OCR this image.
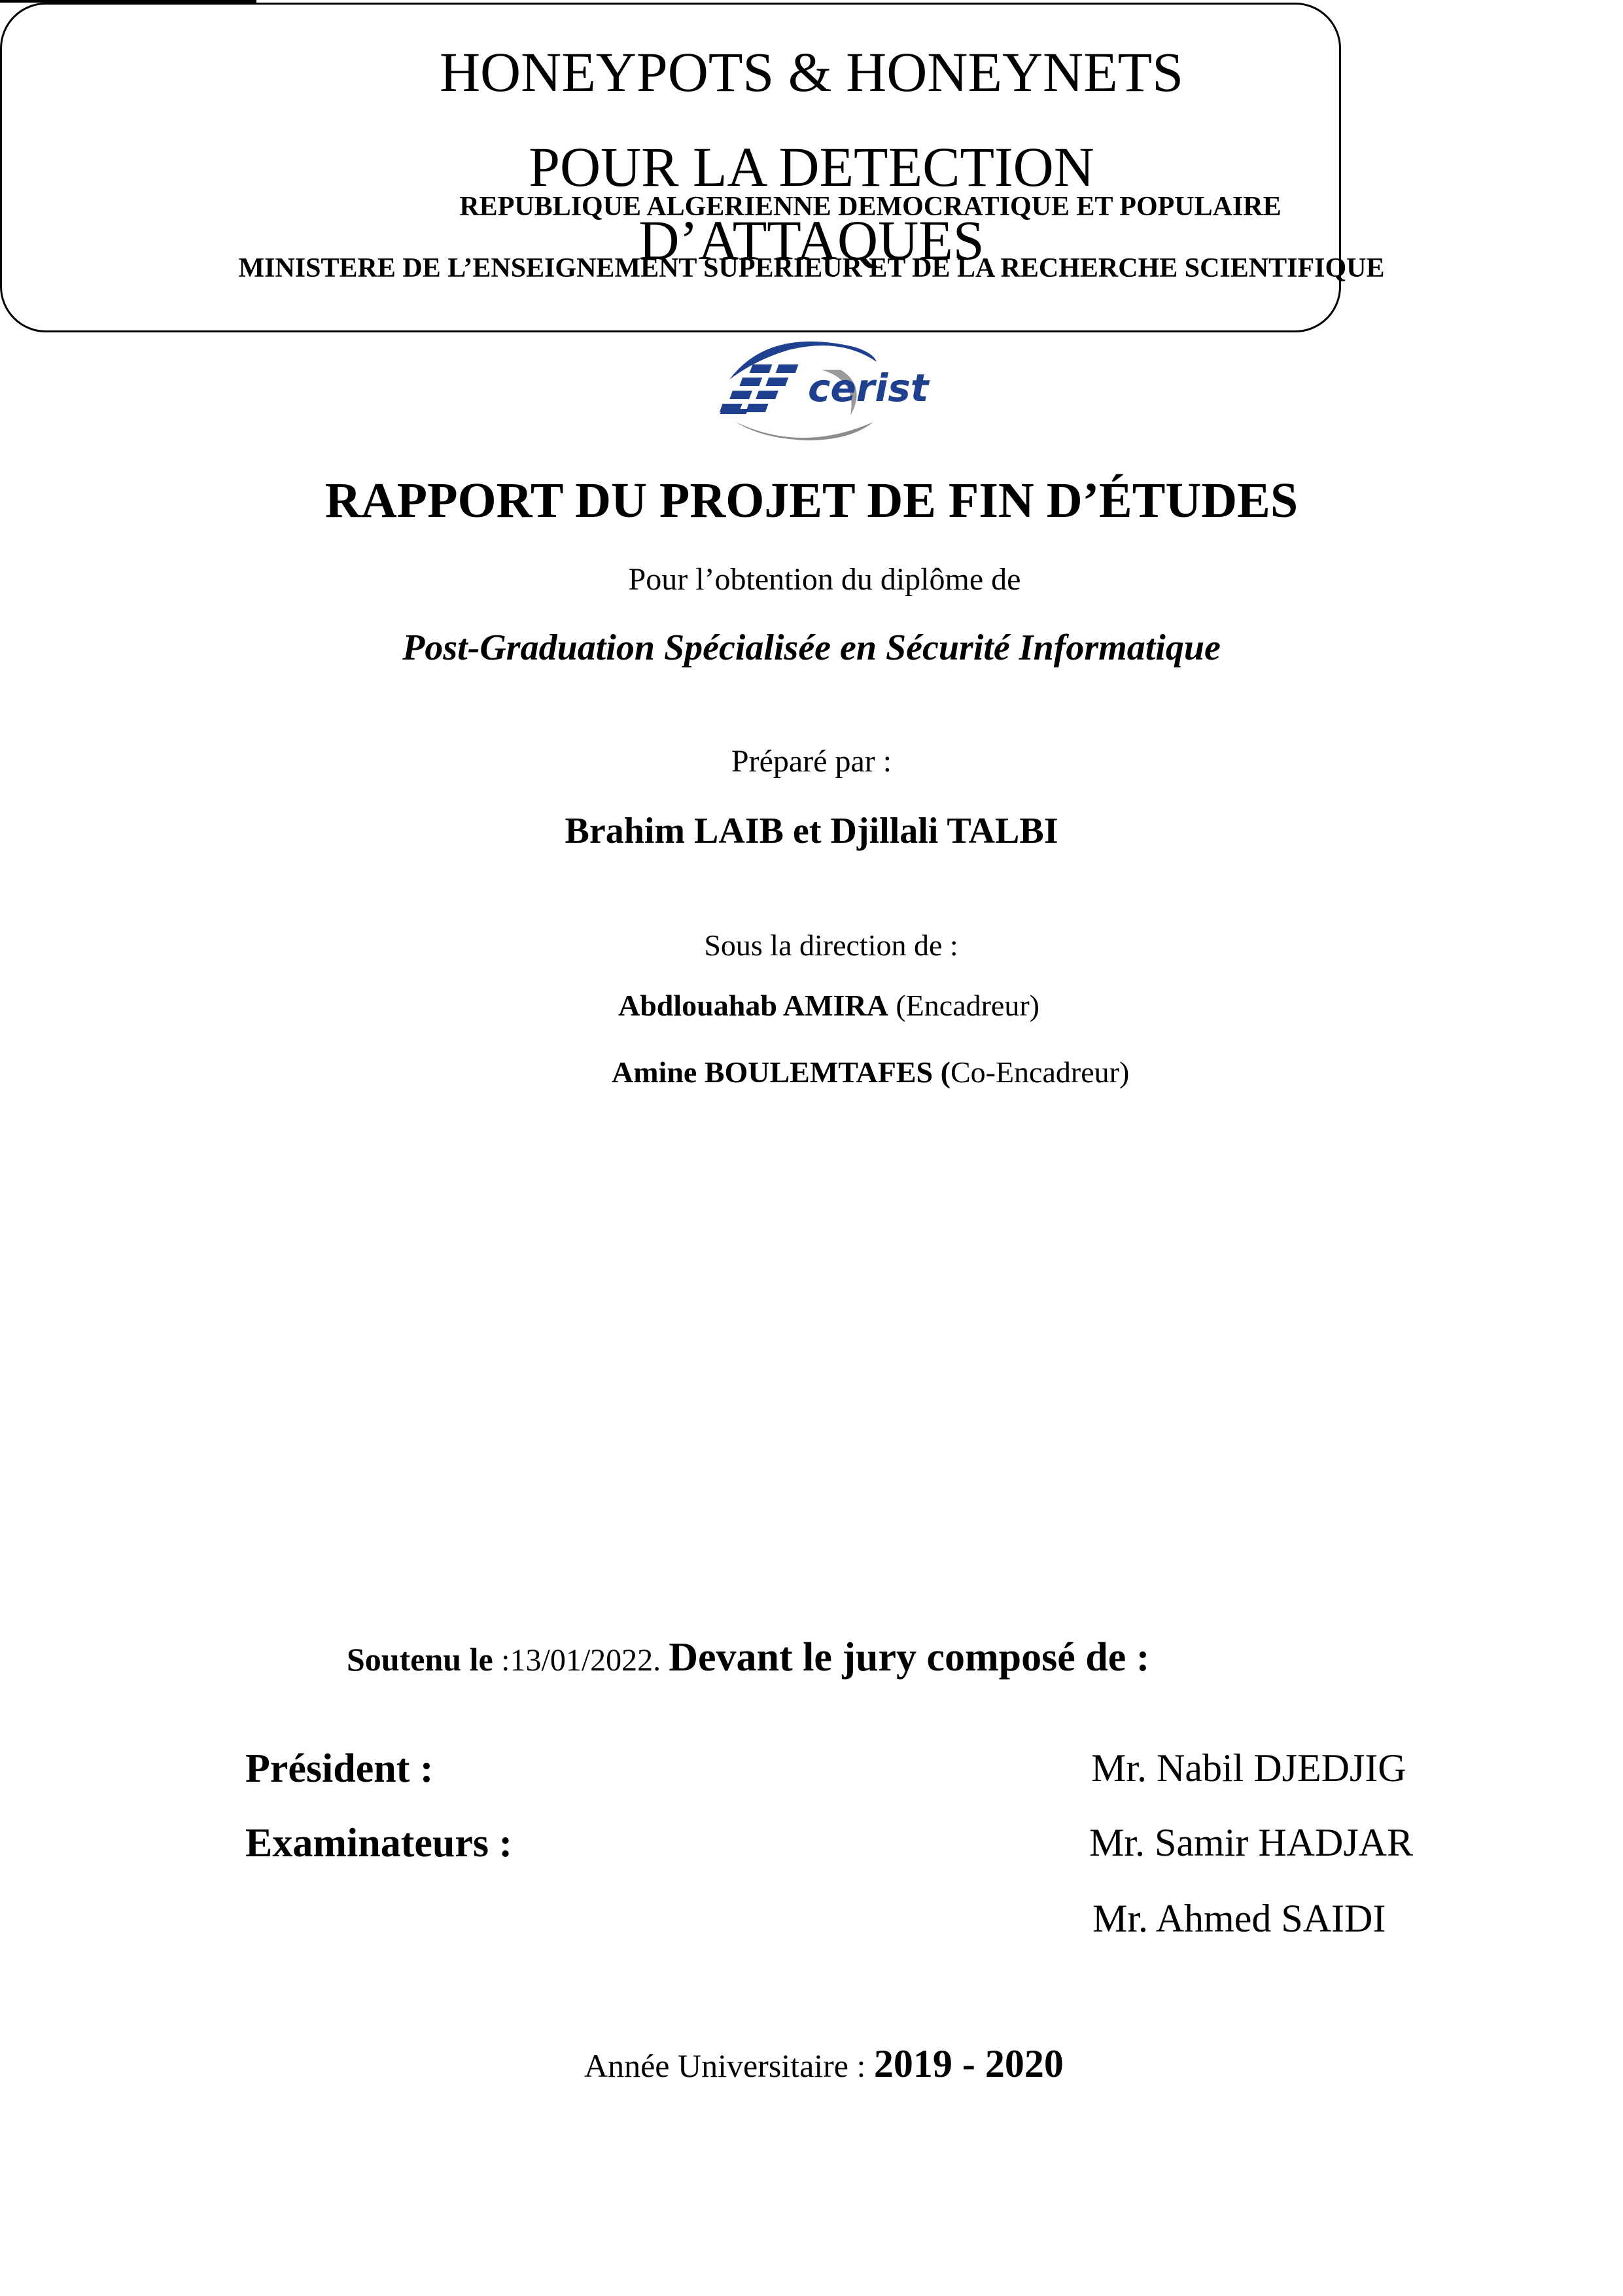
REPUBLIQUE ALGERIENNE DEMOCRATIQUE ET POPULAIRE
MINISTERE DE L’ENSEIGNEMENT SUPERIEUR ET DE LA RECHERCHE SCIENTIFIQUE
cerist
RAPPORT DU PROJET DE FIN D’ÉTUDES
Pour l’obtention du diplôme de
Post-Graduation Spécialisée en Sécurité Informatique
Préparé par :
Brahim LAIB et Djillali TALBI
Sous la direction de :
Abdlouahab AMIRA (Encadreur)
Amine BOULEMTAFES (Co-Encadreur)
HONEYPOTS & HONEYNETS
POUR LA DETECTION
D’ATTAQUES
Soutenu le :13/01/2022. Devant le jury composé de :
Président :
Examinateurs :
Mr. Nabil DJEDJIG
Mr. Samir HADJAR
Mr. Ahmed SAIDI
Année Universitaire : 2019 - 2020
